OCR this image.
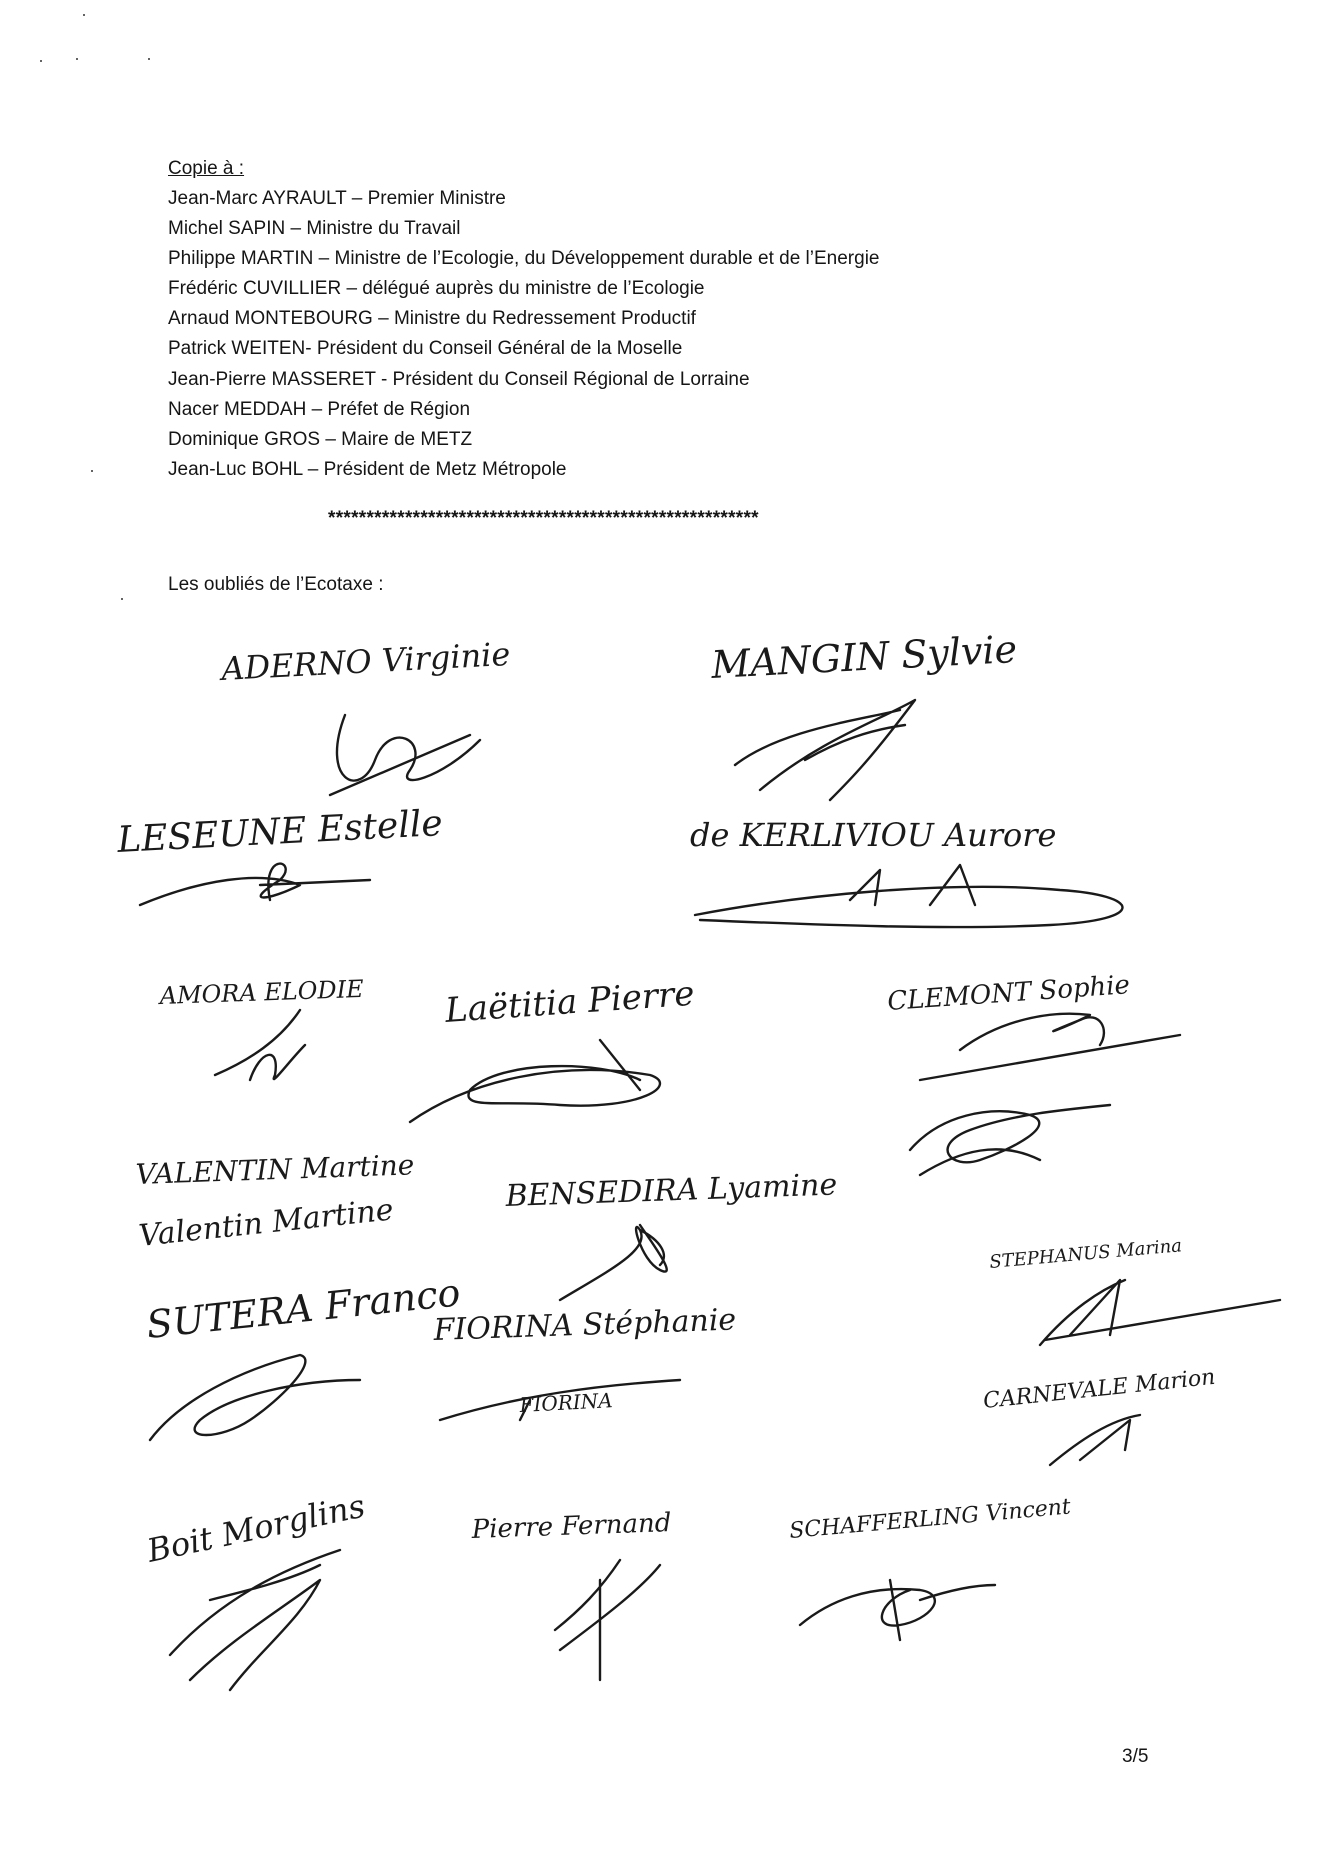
Copie à :

Jean-Marc AYRAULT – Premier Ministre
Michel SAPIN – Ministre du Travail
Philippe MARTIN – Ministre de l’Ecologie, du Développement durable et de l’Energie
Frédéric CUVILLIER – délégué auprès du ministre de l’Ecologie
Arnaud MONTEBOURG – Ministre du Redressement Productif
Patrick WEITEN- Président du Conseil Général de la Moselle
Jean-Pierre MASSERET - Président du Conseil Régional de Lorraine
Nacer MEDDAH – Préfet de Région
Dominique GROS – Maire de METZ
Jean-Luc BOHL – Président de Metz Métropole
********************************************************

Les oubliés de l’Ecotaxe :

ADERNO Virginie	MANGIN Sylvie
LESEUNE Estelle	de KERLIVIOU Aurore
AMORA ELODIE Laëtitia Pierre	CLEMONT Sophie
VALENTIN Martine
Valentin Martine
BENSEDIRA Lyamine
STEPHANUS Marina
SUTERA Franco
FIORINA Stéphanie
FIORINA	CARNEVALE Marion
Boit Morglins	Pierre Fernand	SCHAFFERLING Vincent
3/5
